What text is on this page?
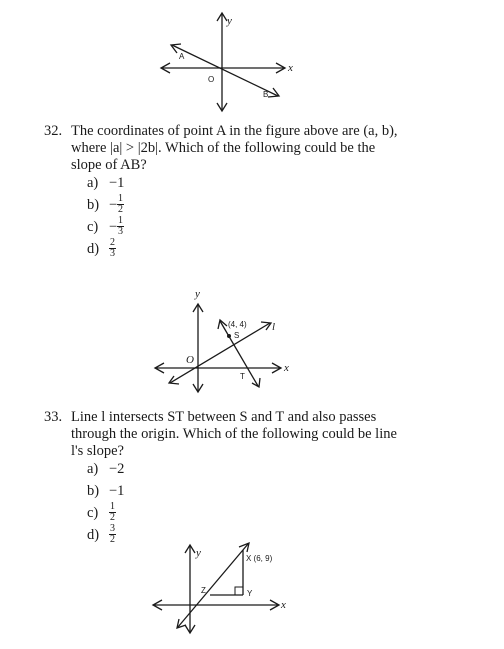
y
x
A
B
O
32. The coordinates of point A in the figure above are (a, b),
where |a| > |2b|. Which of the following could be the
slope of AB?
a) −1
$b) - \frac{1}{2}$
$c) - \frac{1}{3}$
$d) \frac{2}{3}$
y
x
O
(4, 4)
S
T
l
33. Line l intersects ST between S and T and also passes
through the origin. Which of the following could be line
l's slope?
a) −2
b) −1
$c) \frac{1}{2}$
$d) \frac{3}{2}$
y
x
X (6, 9)
Y
Z
